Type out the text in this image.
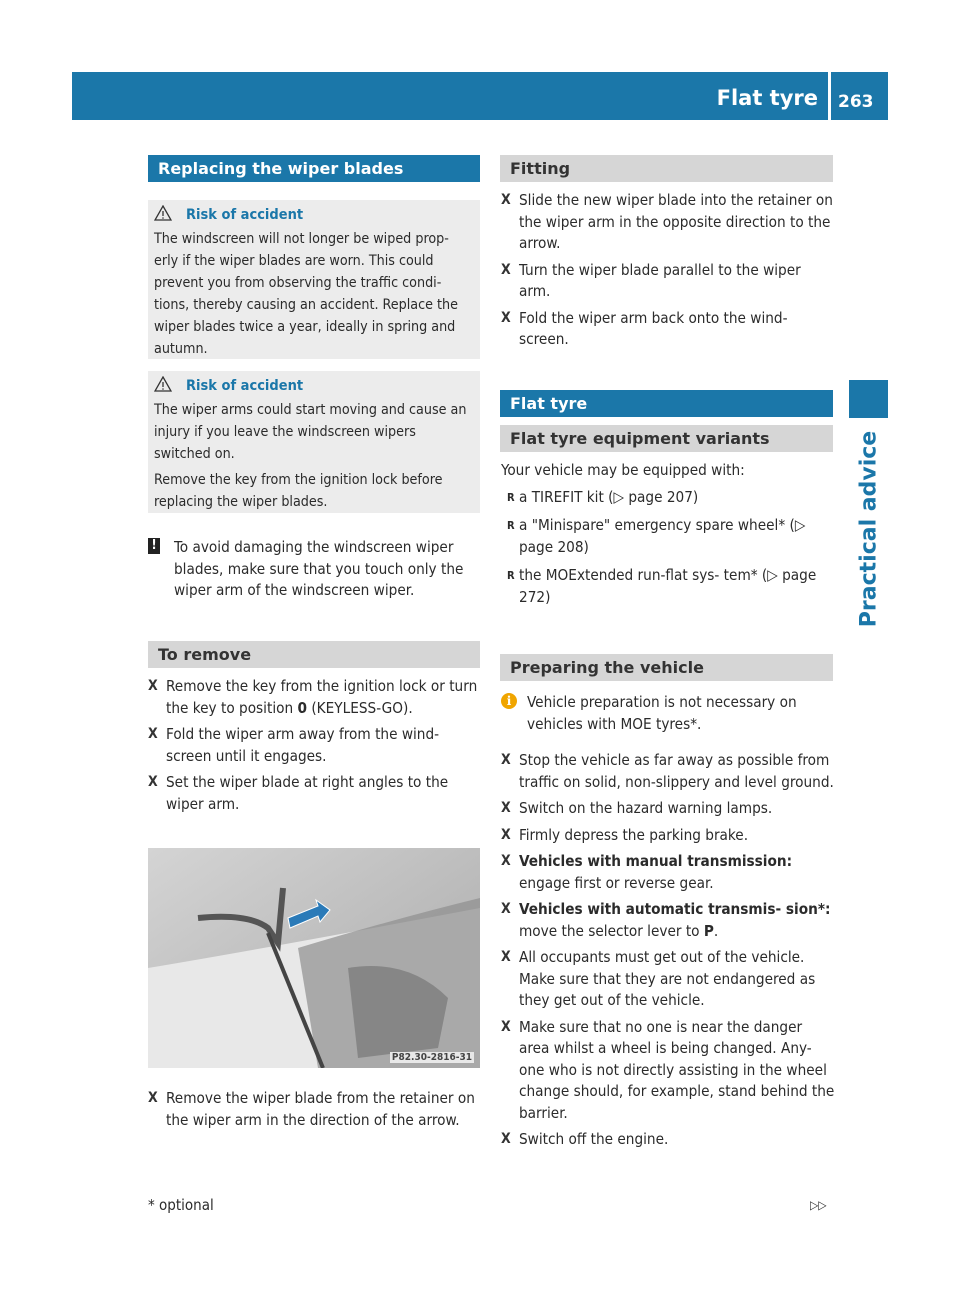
Flat tyre 263
Practical advice
Replacing the wiper blades

Risk of accident

The windscreen will not longer be wiped prop- erly if the wiper blades are worn. This could prevent you from observing the traffic condi- tions, thereby causing an accident. Replace the wiper blades twice a year, ideally in spring and autumn.

Risk of accident

The wiper arms could start moving and cause an injury if you leave the windscreen wipers switched on.

Remove the key from the ignition lock before replacing the wiper blades.

! To avoid damaging the windscreen wiper blades, make sure that you touch only the wiper arm of the windscreen wiper.
To remove
X Remove the key from the ignition lock or turn the key to position 0 (KEYLESS-GO).
X Fold the wiper arm away from the wind- screen until it engages.
X Set the wiper blade at right angles to the wiper arm.
P82.30-2816-31
X Remove the wiper blade from the retainer on the wiper arm in the direction of the arrow.
Fitting
X Slide the new wiper blade into the retainer on the wiper arm in the opposite direction to the arrow.
X Turn the wiper blade parallel to the wiper arm.
X Fold the wiper arm back onto the wind- screen.
Flat tyre
Flat tyre equipment variants
Your vehicle may be equipped with:
R a TIREFIT kit (▷ page 207)
R a "Minispare" emergency spare wheel* (▷ page 208)
R the MOExtended run-flat sys- tem* (▷ page 272)
Preparing the vehicle
i	Vehicle preparation is not necessary on vehicles with MOE tyres*.
X Stop the vehicle as far away as possible from traffic on solid, non-slippery and level ground.
X Switch on the hazard warning lamps.
X Firmly depress the parking brake.
X Vehicles with manual transmission:
engage first or reverse gear.
X Vehicles with automatic transmis- sion*: move the selector lever to P.
X All occupants must get out of the vehicle. Make sure that they are not endangered as they get out of the vehicle.
X Make sure that no one is near the danger area whilst a wheel is being changed. Any- one who is not directly assisting in the wheel change should, for example, stand behind the barrier.
X Switch off the engine.
* optional	▷▷
